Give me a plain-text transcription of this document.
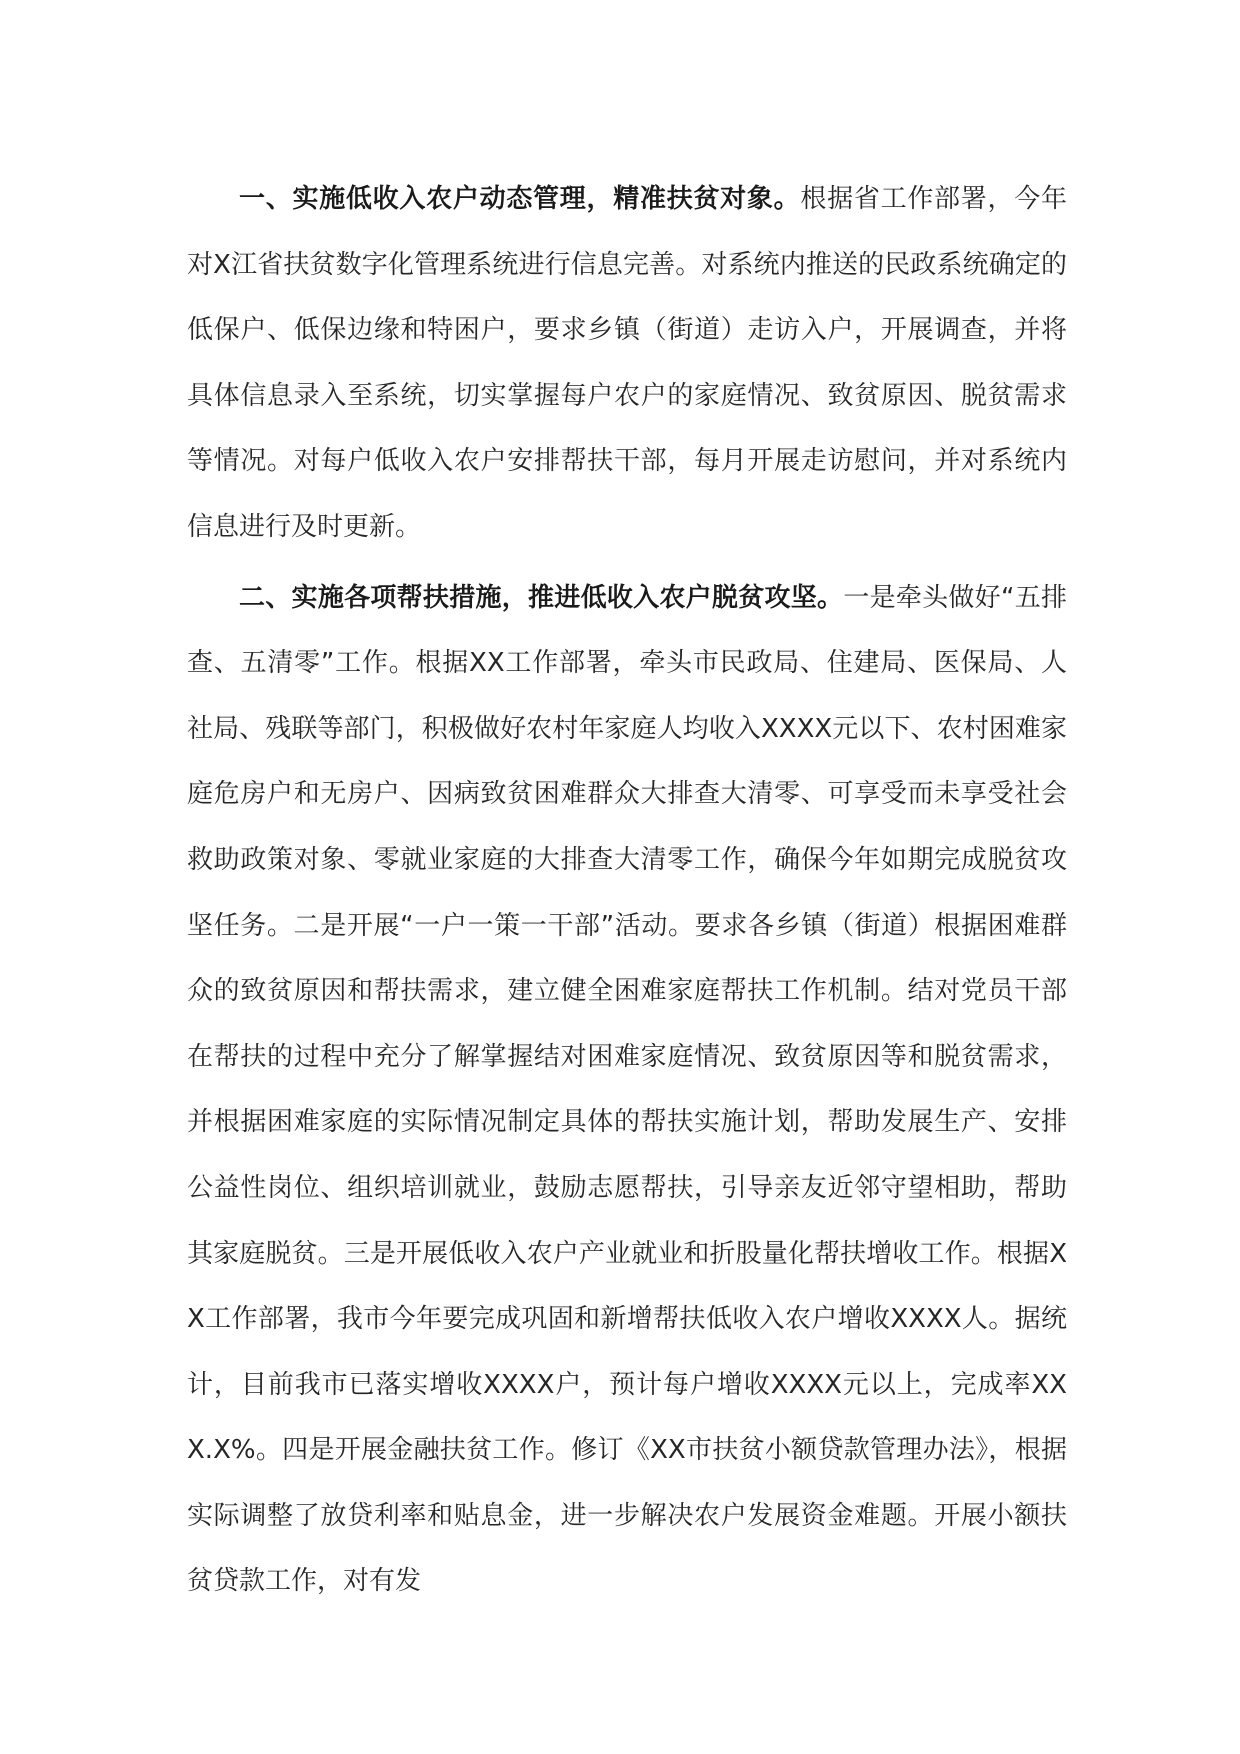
一、实施低收入农户动态管理，精准扶贫对象。根据省工作部署，今年对X江省扶贫数字化管理系统进行信息完善。对系统内推送的民政系统确定的低保户、低保边缘和特困户，要求乡镇（街道）走访入户，开展调查，并将具体信息录入至系统，切实掌握每户农户的家庭情况、致贫原因、脱贫需求等情况。对每户低收入农户安排帮扶干部，每月开展走访慰问，并对系统内信息进行及时更新。

二、实施各项帮扶措施，推进低收入农户脱贫攻坚。一是牵头做好“五排查、五清零”工作。根据XX工作部署，牵头市民政局、住建局、医保局、人社局、残联等部门，积极做好农村年家庭人均收入XXXX元以下、农村困难家庭危房户和无房户、因病致贫困难群众大排查大清零、可享受而未享受社会救助政策对象、零就业家庭的大排查大清零工作，确保今年如期完成脱贫攻坚任务。二是开展“一户一策一干部”活动。要求各乡镇（街道）根据困难群众的致贫原因和帮扶需求，建立健全困难家庭帮扶工作机制。结对党员干部在帮扶的过程中充分了解掌握结对困难家庭情况、致贫原因等和脱贫需求，并根据困难家庭的实际情况制定具体的帮扶实施计划，帮助发展生产、安排公益性岗位、组织培训就业，鼓励志愿帮扶，引导亲友近邻守望相助，帮助其家庭脱贫。三是开展低收入农户产业就业和折股量化帮扶增收工作。根据XX工作部署，我市今年要完成巩固和新增帮扶低收入农户增收XXXX人。据统计，目前我市已落实增收XXXX户，预计每户增收XXXX元以上，完成率XXX.X%。四是开展金融扶贫工作。修订《XX市扶贫小额贷款管理办法》，根据实际调整了放贷利率和贴息金，进一步解决农户发展资金难题。开展小额扶贫贷款工作，对有发
